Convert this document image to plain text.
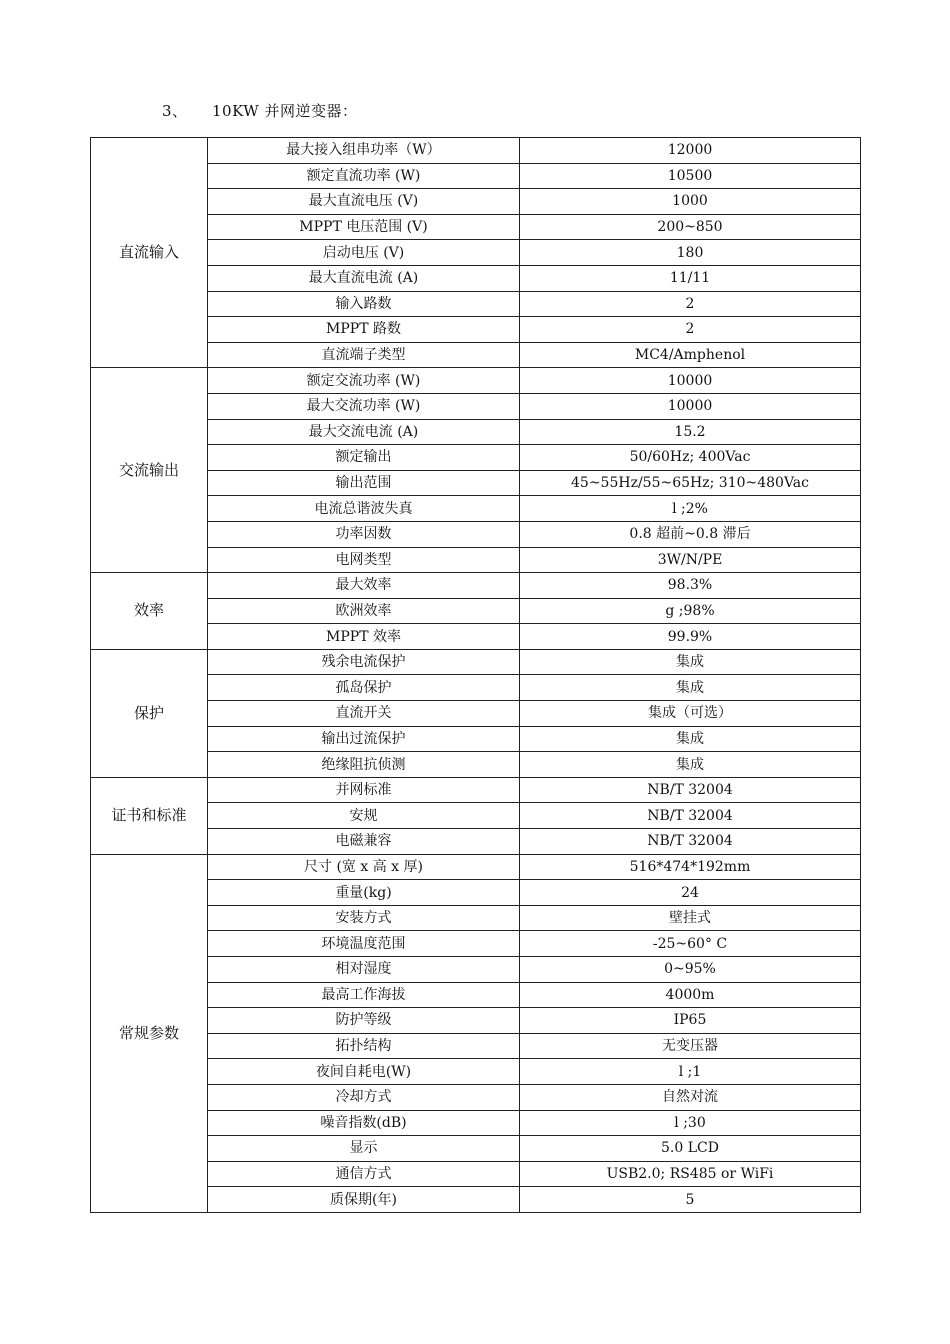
3、 10KW 并网逆变器：
直流输入	最大接入组串功率（W）	12000
	额定直流功率 (W)	10500
	最大直流电压 (V)	1000
	MPPT 电压范围 (V)	200~850
	启动电压 (V)	180
	最大直流电流 (A)	11/11
	输入路数	2
	MPPT 路数	2
	直流端子类型	MC4/Amphenol
交流输出	额定交流功率 (W)	10000
	最大交流功率 (W)	10000
	最大交流电流 (A)	15.2
	额定输出	50/60Hz; 400Vac
	输出范围	45~55Hz/55~65Hz; 310~480Vac
	电流总谐波失真	l ;2%
	功率因数	0.8 超前~0.8 滞后
	电网类型	3W/N/PE
效率	最大效率	98.3%
	欧洲效率	g ;98%
	MPPT 效率	99.9%
保护	残余电流保护	集成
	孤岛保护	集成
	直流开关	集成（可选）
	输出过流保护	集成
	绝缘阻抗侦测	集成
证书和标准	并网标准	NB/T 32004
	安规	NB/T 32004
	电磁兼容	NB/T 32004
常规参数	尺寸 (宽 x 高 x 厚)	516*474*192mm
	重量(kg)	24
	安装方式	壁挂式
	环境温度范围	-25~60° C
	相对湿度	0~95%
	最高工作海拔	4000m
	防护等级	IP65
	拓扑结构	无变压器
	夜间自耗电(W)	l ;1
	冷却方式	自然对流
	噪音指数(dB)	l ;30
	显示	5.0 LCD
	通信方式	USB2.0; RS485 or WiFi
	质保期(年)	5
